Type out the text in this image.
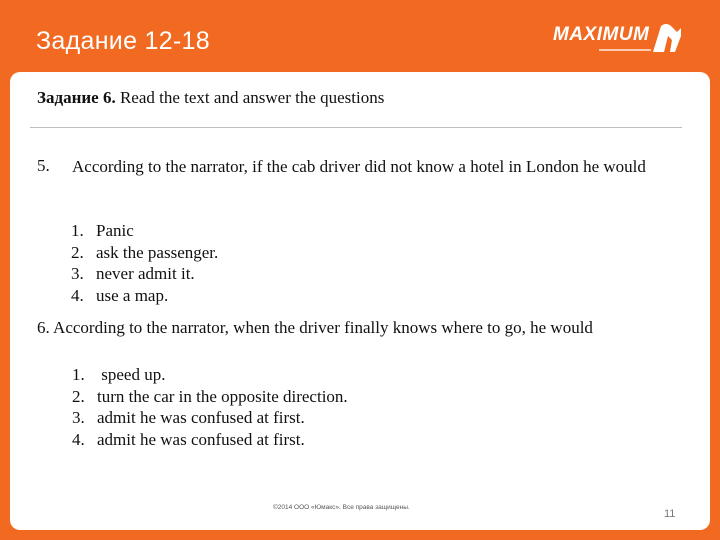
Задание 12-18	MAXIMUM
Задание 6. Read the text and answer the questions
5. According to the narrator, if the cab driver did not know a hotel in London he would
1. Panic
2. ask the passenger.
3. never admit it.
4. use a map.
6. According to the narrator, when the driver finally knows where to go, he would
1. speed up.
2. turn the car in the opposite direction.
3. admit he was confused at first.
4. admit he was confused at first.
©2014 ООО «Юмакс». Все права защищены.
11
